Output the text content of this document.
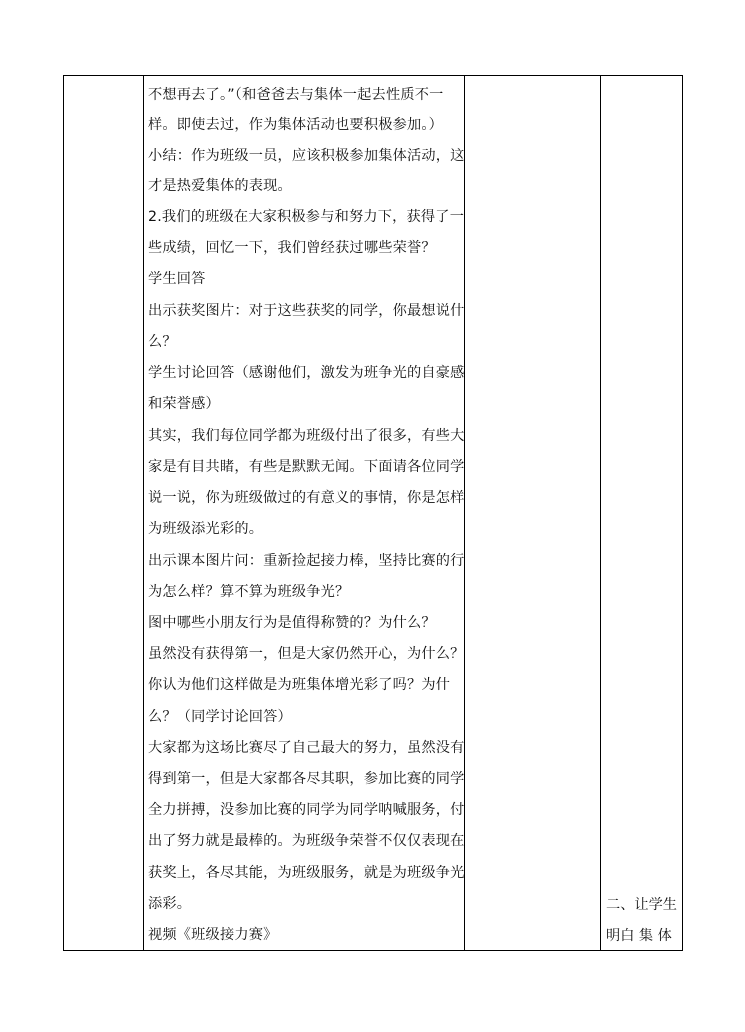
不想再去了。”（和爸爸去与集体一起去性质不一
样。即使去过，作为集体活动也要积极参加。）
小结：作为班级一员，应该积极参加集体活动，这
才是热爱集体的表现。
2.我们的班级在大家积极参与和努力下，获得了一
些成绩，回忆一下，我们曾经获过哪些荣誉？
学生回答
出示获奖图片：对于这些获奖的同学，你最想说什
么？
学生讨论回答（感谢他们，激发为班争光的自豪感
和荣誉感）
其实，我们每位同学都为班级付出了很多，有些大
家是有目共睹，有些是默默无闻。下面请各位同学
说一说，你为班级做过的有意义的事情，你是怎样
为班级添光彩的。
出示课本图片问：重新捡起接力棒，坚持比赛的行
为怎么样？算不算为班级争光？
图中哪些小朋友行为是值得称赞的？为什么？
虽然没有获得第一，但是大家仍然开心，为什么？
你认为他们这样做是为班集体增光彩了吗？为什
么？（同学讨论回答）
大家都为这场比赛尽了自己最大的努力，虽然没有
得到第一，但是大家都各尽其职，参加比赛的同学
全力拼搏，没参加比赛的同学为同学呐喊服务，付
出了努力就是最棒的。为班级争荣誉不仅仅表现在
获奖上，各尽其能，为班级服务，就是为班级争光
添彩。
视频《班级接力赛》
二、让学生
明白 集 体
